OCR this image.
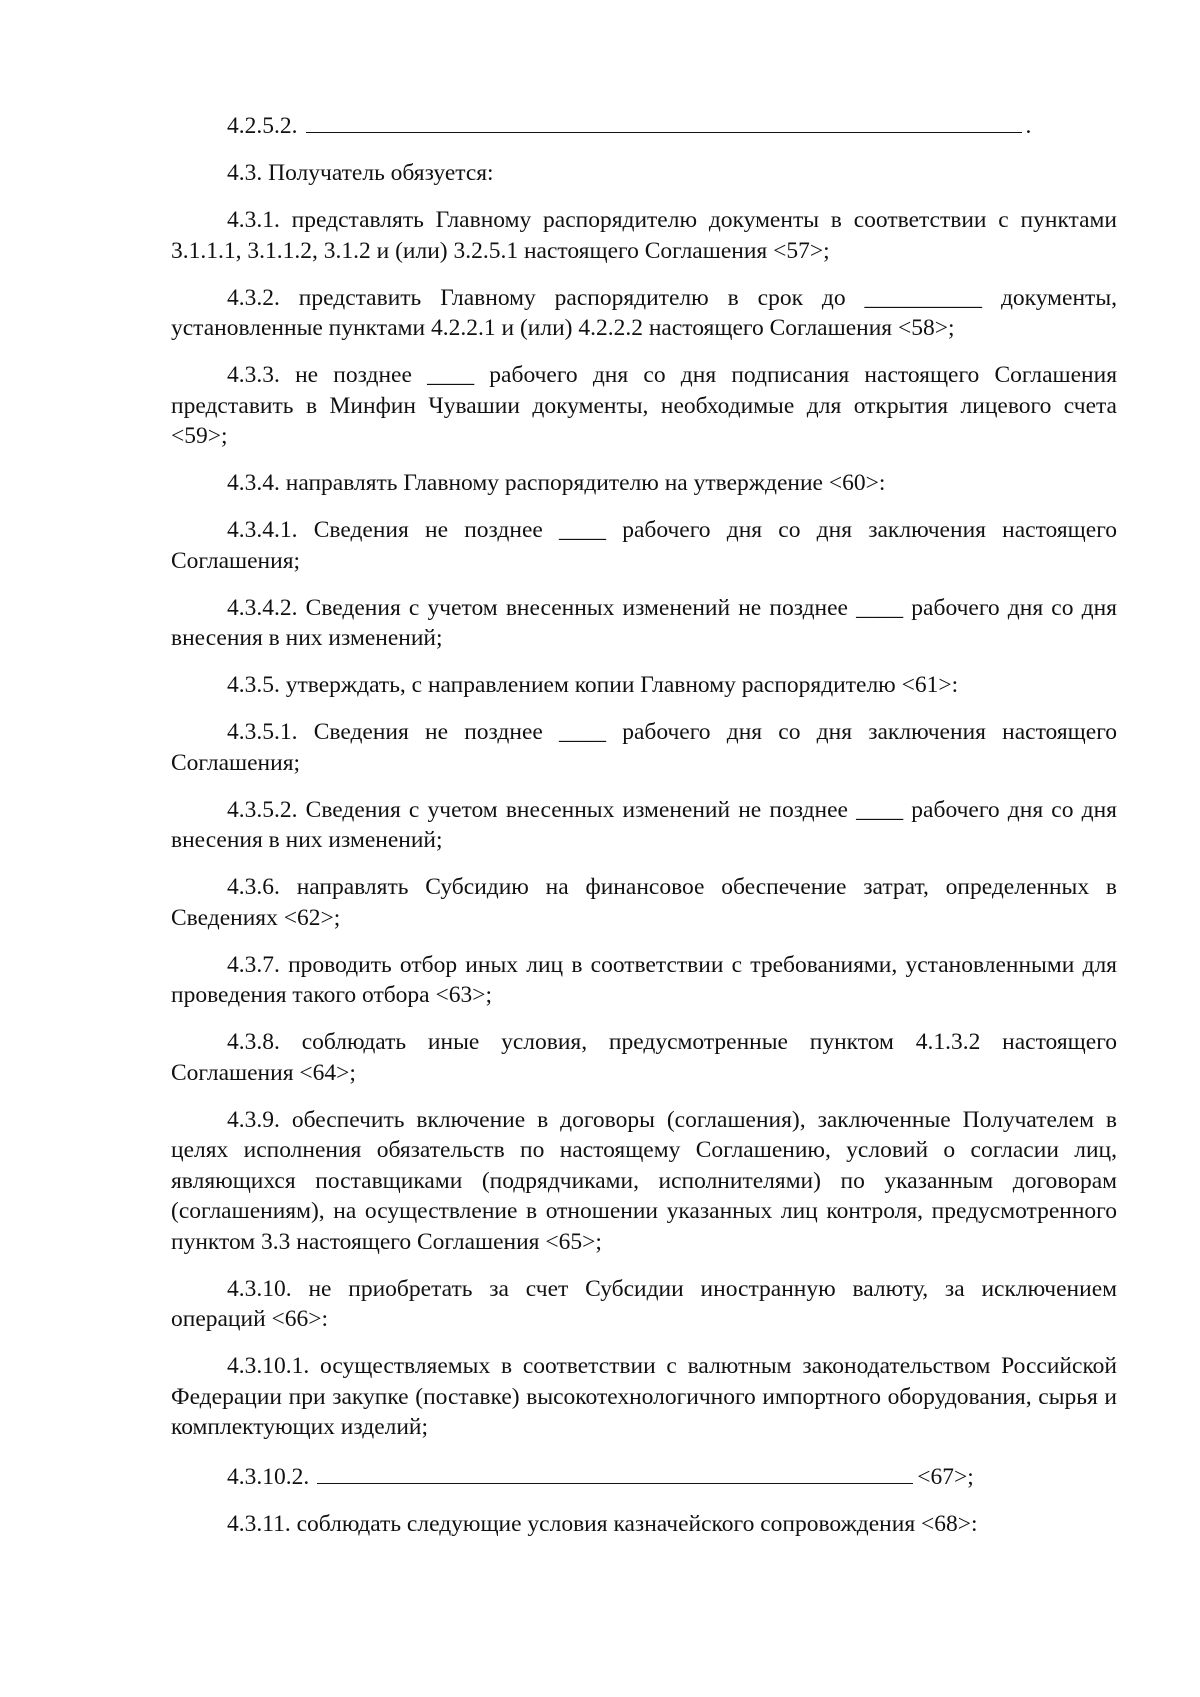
4.2.5.2.	.

4.3. Получатель обязуется:

4.3.1. представлять Главному распорядителю документы в соответствии с пунктами 3.1.1.1, 3.1.1.2, 3.1.2 и (или) 3.2.5.1 настоящего Соглашения <57>;

4.3.2. представить Главному распорядителю в срок до __________ документы, установленные пунктами 4.2.2.1 и (или) 4.2.2.2 настоящего Соглашения <58>;

4.3.3. не позднее ____ рабочего дня со дня подписания настоящего Соглашения представить в Минфин Чувашии документы, необходимые для открытия лицевого счета <59>;

4.3.4. направлять Главному распорядителю на утверждение <60>:

4.3.4.1. Сведения не позднее ____ рабочего дня со дня заключения настоящего Соглашения;

4.3.4.2. Сведения с учетом внесенных изменений не позднее ____ рабочего дня со дня внесения в них изменений;

4.3.5. утверждать, с направлением копии Главному распорядителю <61>:

4.3.5.1. Сведения не позднее ____ рабочего дня со дня заключения настоящего Соглашения;

4.3.5.2. Сведения с учетом внесенных изменений не позднее ____ рабочего дня со дня внесения в них изменений;

4.3.6. направлять Субсидию на финансовое обеспечение затрат, определенных в Сведениях <62>;

4.3.7. проводить отбор иных лиц в соответствии с требованиями, установленными для проведения такого отбора <63>;

4.3.8. соблюдать иные условия, предусмотренные пунктом 4.1.3.2 настоящего Соглашения <64>;

4.3.9. обеспечить включение в договоры (соглашения), заключенные Получателем в целях исполнения обязательств по настоящему Соглашению, условий о согласии лиц, являющихся поставщиками (подрядчиками, исполнителями) по указанным договорам (соглашениям), на осуществление в отношении указанных лиц контроля, предусмотренного пунктом 3.3 настоящего Соглашения <65>;

4.3.10. не приобретать за счет Субсидии иностранную валюту, за исключением операций <66>:

4.3.10.1. осуществляемых в соответствии с валютным законодательством Российской Федерации при закупке (поставке) высокотехнологичного импортного оборудования, сырья и комплектующих изделий;

4.3.10.2.	<67>;

4.3.11. соблюдать следующие условия казначейского сопровождения <68>:
